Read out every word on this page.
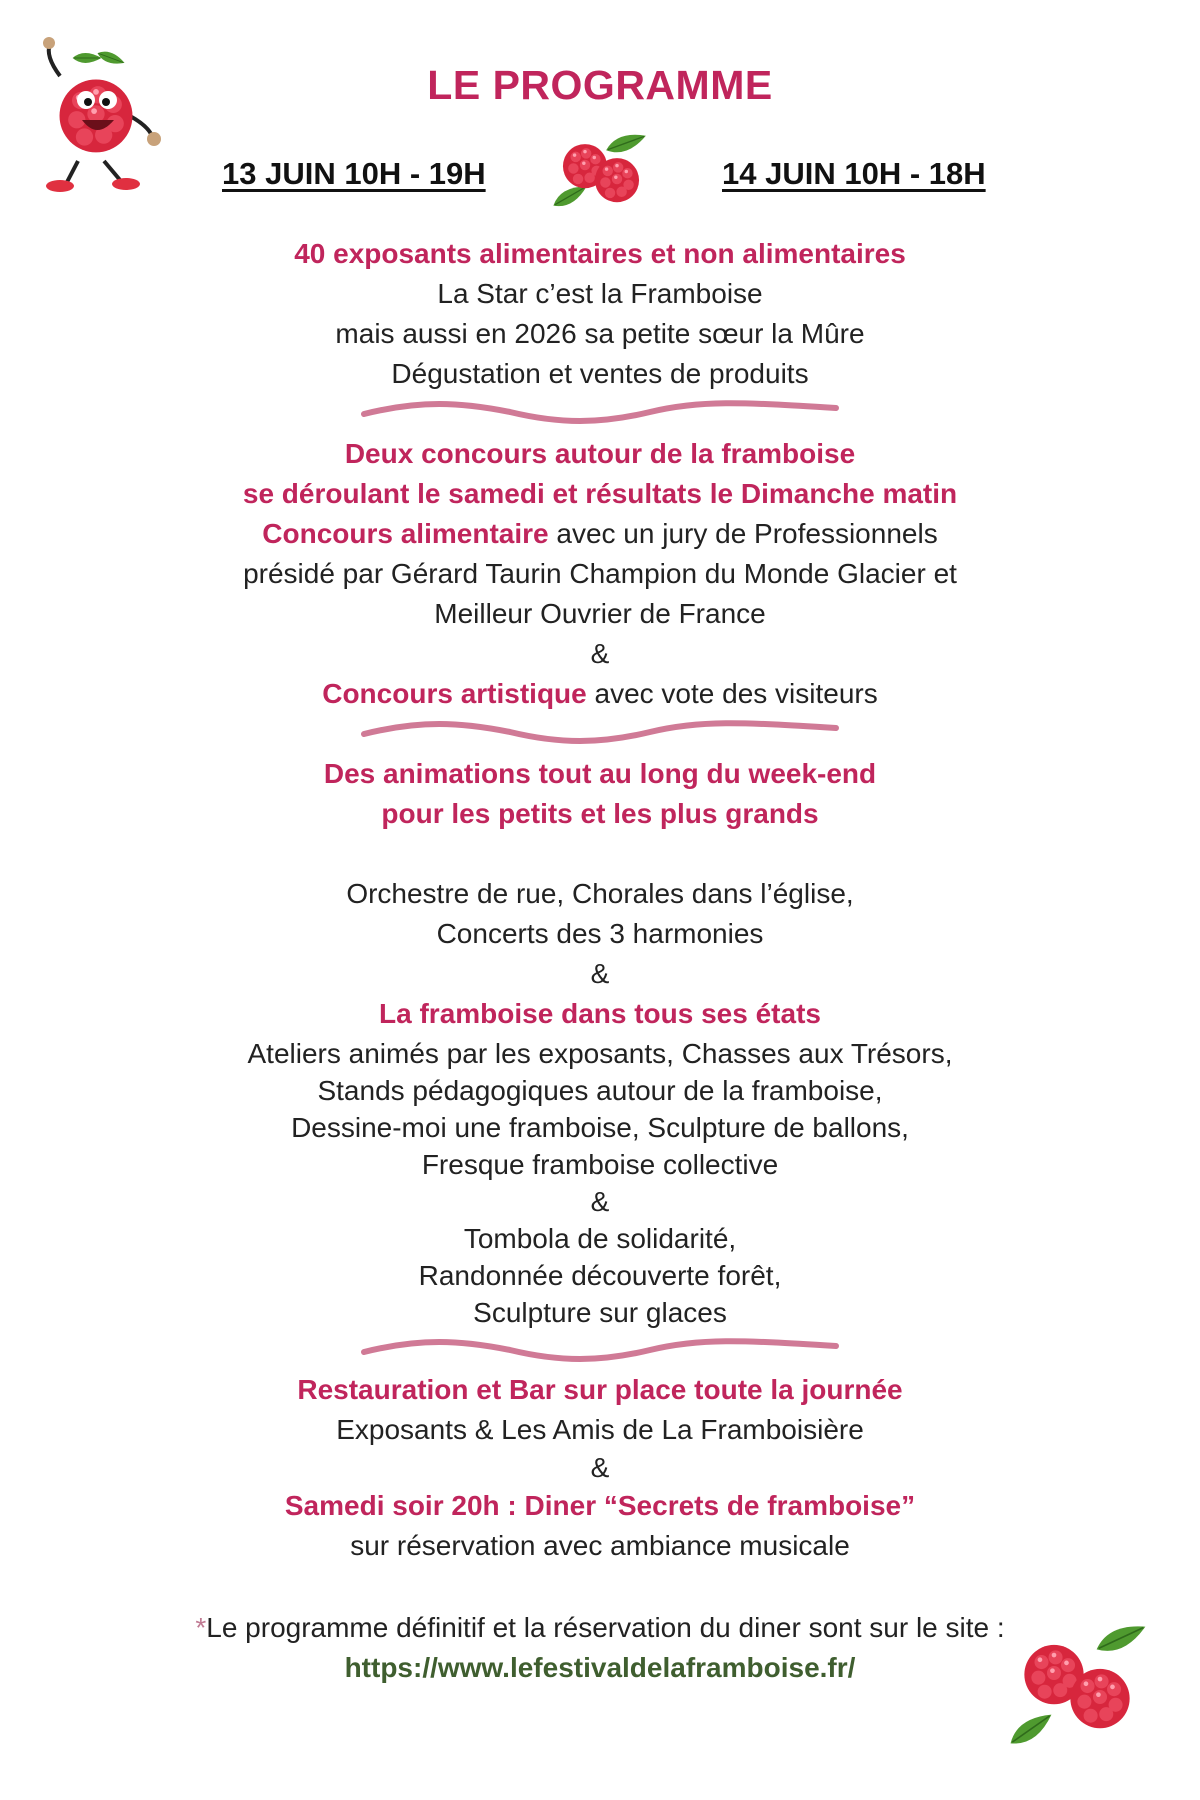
LE PROGRAMME
13 JUIN 10H - 19H	14 JUIN 10H - 18H
40 exposants alimentaires et non alimentaires
La Star c’est la Framboise
mais aussi en 2026 sa petite sœur la Mûre
Dégustation et ventes de produits
Deux concours autour de la framboise
se déroulant le samedi et résultats le Dimanche matin
Concours alimentaire avec un jury de Professionnels
présidé par Gérard Taurin Champion du Monde Glacier et
Meilleur Ouvrier de France
&
Concours artistique avec vote des visiteurs
Des animations tout au long du week-end
pour les petits et les plus grands
Orchestre de rue, Chorales dans l’église,
Concerts des 3 harmonies
&
La framboise dans tous ses états
Ateliers animés par les exposants, Chasses aux Trésors,
Stands pédagogiques autour de la framboise,
Dessine-moi une framboise, Sculpture de ballons,
Fresque framboise collective
&
Tombola de solidarité,
Randonnée découverte forêt,
Sculpture sur glaces
Restauration et Bar sur place toute la journée
Exposants & Les Amis de La Framboisière
&
Samedi soir 20h : Diner “Secrets de framboise”
sur réservation avec ambiance musicale
*Le programme définitif et la réservation du diner sont sur le site :
https://www.lefestivaldelaframboise.fr/
